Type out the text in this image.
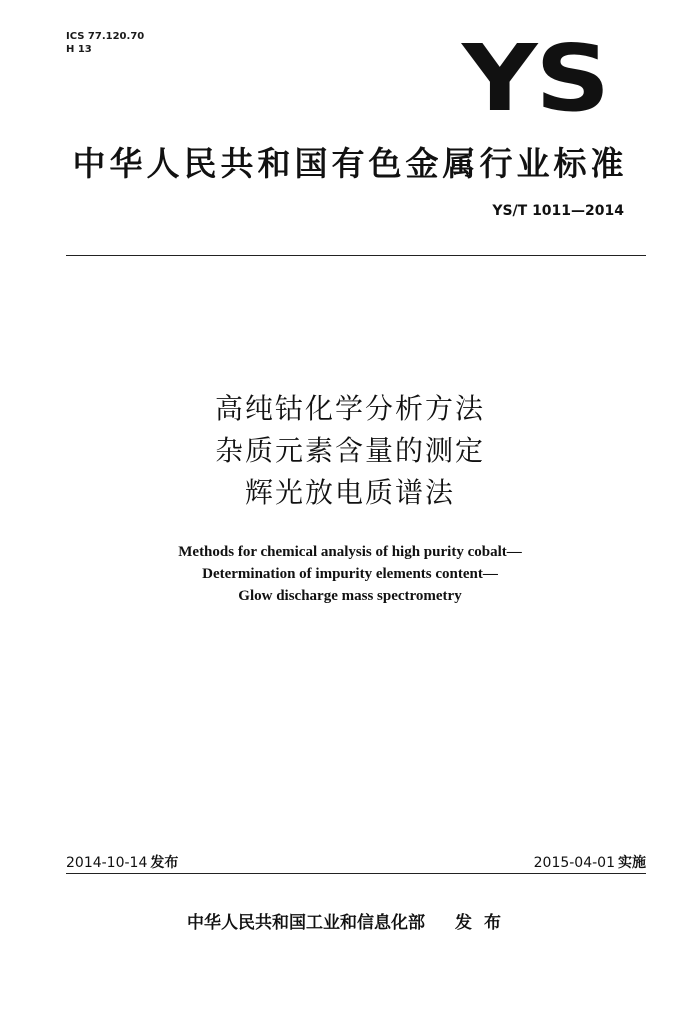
ICS 77.120.70
H 13	YS
中华人民共和国有色金属行业标准
YS/T 1011—2014
高纯钴化学分析方法
杂质元素含量的测定
辉光放电质谱法
Methods for chemical analysis of high purity cobalt—
Determination of impurity elements content—
Glow discharge mass spectrometry
2014-10-14 发布	2015-04-01 实施
中华人民共和国工业和信息化部 发布
